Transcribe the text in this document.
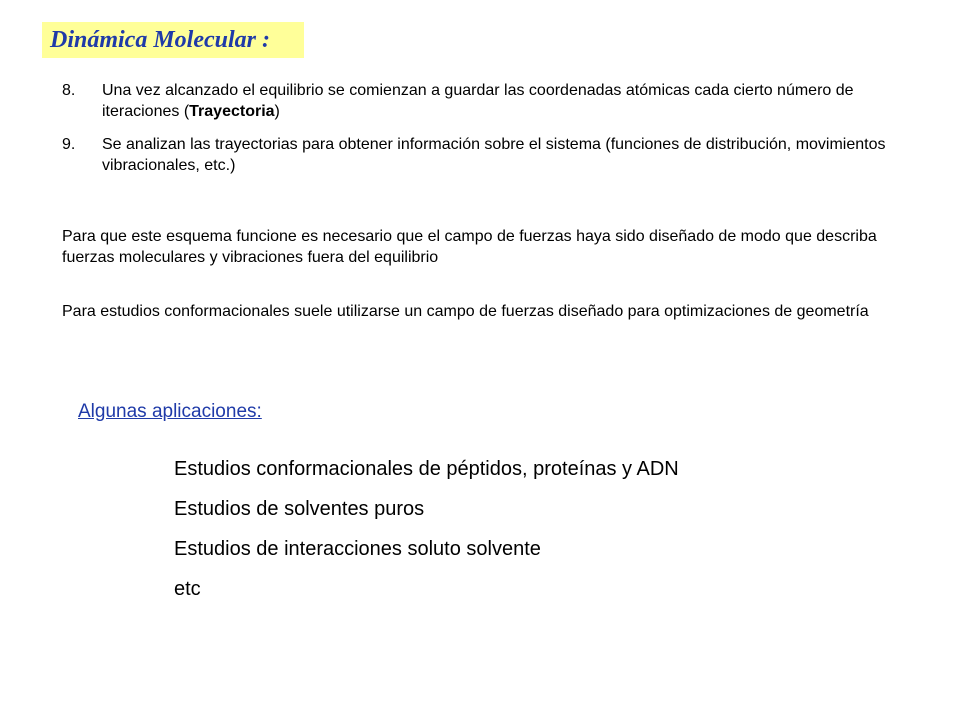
Dinámica Molecular :
8. Una vez alcanzado el equilibrio se comienzan a guardar las coordenadas atómicas cada cierto número de iteraciones (Trayectoria)
9. Se analizan las trayectorias para obtener información sobre el sistema (funciones de distribución, movimientos vibracionales, etc.)

Para que este esquema funcione es necesario que el campo de fuerzas haya sido diseñado de modo que describa fuerzas moleculares y vibraciones fuera del equilibrio

Para estudios conformacionales suele utilizarse un campo de fuerzas diseñado para optimizaciones de geometría

Algunas aplicaciones:
Estudios conformacionales de péptidos, proteínas y ADN
Estudios de solventes puros
Estudios de interacciones soluto solvente
etc
